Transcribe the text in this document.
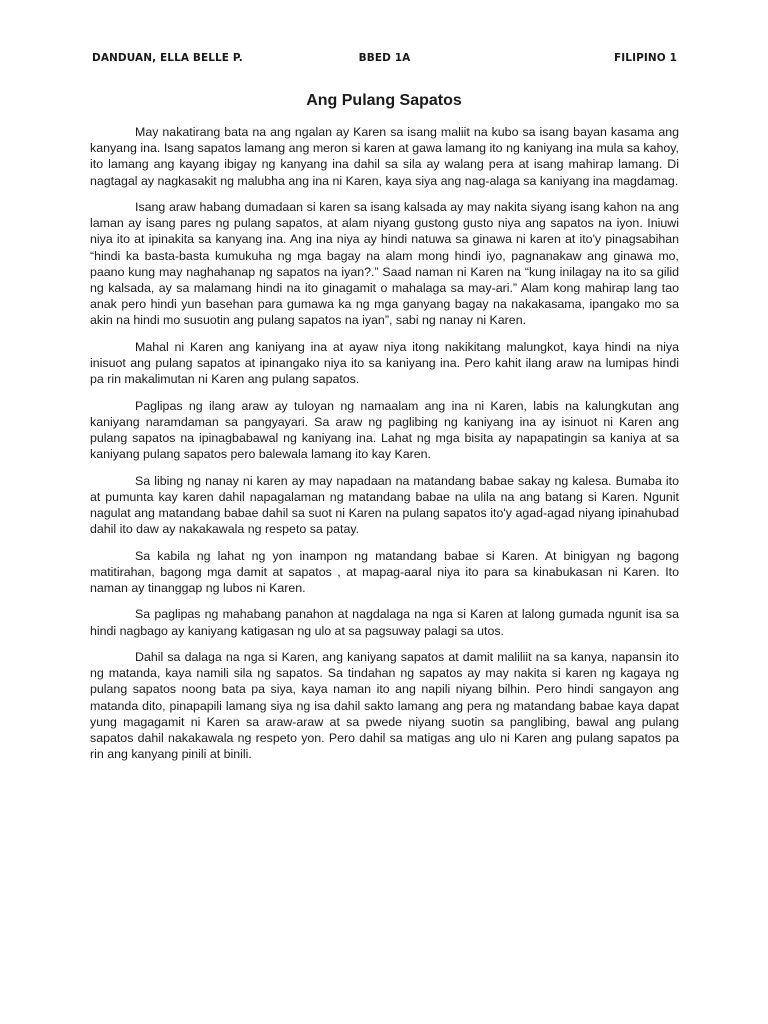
DANDUAN, ELLA BELLE P.	BBED 1A	FILIPINO 1
Ang Pulang Sapatos

May nakatirang bata na ang ngalan ay Karen sa isang maliit na kubo sa isang bayan kasama ang kanyang ina. Isang sapatos lamang ang meron si karen at gawa lamang ito ng kaniyang ina mula sa kahoy, ito lamang ang kayang ibigay ng kanyang ina dahil sa sila ay walang pera at isang mahirap lamang. Di nagtagal ay nagkasakit ng malubha ang ina ni Karen, kaya siya ang nag-alaga sa kaniyang ina magdamag.

Isang araw habang dumadaan si karen sa isang kalsada ay may nakita siyang isang kahon na ang laman ay isang pares ng pulang sapatos, at alam niyang gustong gusto niya ang sapatos na iyon. Iniuwi niya ito at ipinakita sa kanyang ina. Ang ina niya ay hindi natuwa sa ginawa ni karen at ito'y pinagsabihan “hindi ka basta-basta kumukuha ng mga bagay na alam mong hindi iyo, pagnanakaw ang ginawa mo, paano kung may naghahanap ng sapatos na iyan?.” Saad naman ni Karen na “kung inilagay na ito sa gilid ng kalsada, ay sa malamang hindi na ito ginagamit o mahalaga sa may-ari.” Alam kong mahirap lang tao anak pero hindi yun basehan para gumawa ka ng mga ganyang bagay na nakakasama, ipangako mo sa akin na hindi mo susuotin ang pulang sapatos na iyan”, sabi ng nanay ni Karen.

Mahal ni Karen ang kaniyang ina at ayaw niya itong nakikitang malungkot, kaya hindi na niya inisuot ang pulang sapatos at ipinangako niya ito sa kaniyang ina. Pero kahit ilang araw na lumipas hindi pa rin makalimutan ni Karen ang pulang sapatos.

Paglipas ng ilang araw ay tuloyan ng namaalam ang ina ni Karen, labis na kalungkutan ang kaniyang naramdaman sa pangyayari. Sa araw ng paglibing ng kaniyang ina ay isinuot ni Karen ang pulang sapatos na ipinagbabawal ng kaniyang ina. Lahat ng mga bisita ay napapatingin sa kaniya at sa kaniyang pulang sapatos pero balewala lamang ito kay Karen.

Sa libing ng nanay ni karen ay may napadaan na matandang babae sakay ng kalesa. Bumaba ito at pumunta kay karen dahil napagalaman ng matandang babae na ulila na ang batang si Karen. Ngunit nagulat ang matandang babae dahil sa suot ni Karen na pulang sapatos ito'y agad-agad niyang ipinahubad dahil ito daw ay nakakawala ng respeto sa patay.

Sa kabila ng lahat ng yon inampon ng matandang babae si Karen. At binigyan ng bagong matitirahan, bagong mga damit at sapatos , at mapag-aaral niya ito para sa kinabukasan ni Karen. Ito naman ay tinanggap ng lubos ni Karen.

Sa paglipas ng mahabang panahon at nagdalaga na nga si Karen at lalong gumada ngunit isa sa hindi nagbago ay kaniyang katigasan ng ulo at sa pagsuway palagi sa utos.

Dahil sa dalaga na nga si Karen, ang kaniyang sapatos at damit maliliit na sa kanya, napansin ito ng matanda, kaya namili sila ng sapatos. Sa tindahan ng sapatos ay may nakita si karen ng kagaya ng pulang sapatos noong bata pa siya, kaya naman ito ang napili niyang bilhin. Pero hindi sangayon ang matanda dito, pinapapili lamang siya ng isa dahil sakto lamang ang pera ng matandang babae kaya dapat yung magagamit ni Karen sa araw-araw at sa pwede niyang suotin sa panglibing, bawal ang pulang sapatos dahil nakakawala ng respeto yon. Pero dahil sa matigas ang ulo ni Karen ang pulang sapatos pa rin ang kanyang pinili at binili.
